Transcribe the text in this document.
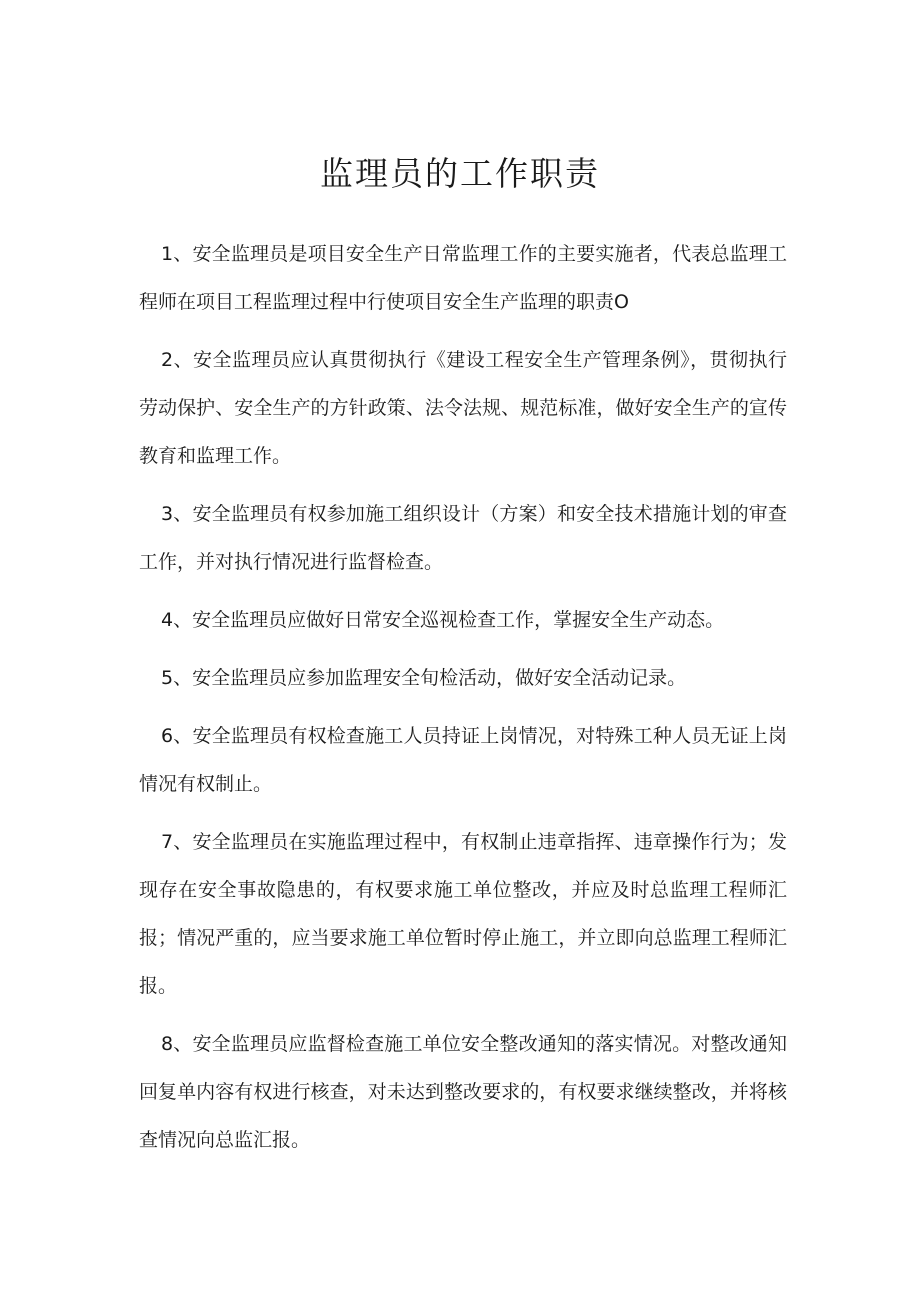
监理员的工作职责

1、安全监理员是项目安全生产日常监理工作的主要实施者，代表总监理工程师在项目工程监理过程中行使项目安全生产监理的职责O

2、安全监理员应认真贯彻执行《建设工程安全生产管理条例》，贯彻执行劳动保护、安全生产的方针政策、法令法规、规范标准，做好安全生产的宣传教育和监理工作。

3、安全监理员有权参加施工组织设计（方案）和安全技术措施计划的审查工作，并对执行情况进行监督检查。

4、安全监理员应做好日常安全巡视检查工作，掌握安全生产动态。

5、安全监理员应参加监理安全旬检活动，做好安全活动记录。

6、安全监理员有权检查施工人员持证上岗情况，对特殊工种人员无证上岗情况有权制止。

7、安全监理员在实施监理过程中，有权制止违章指挥、违章操作行为；发现存在安全事故隐患的，有权要求施工单位整改，并应及时总监理工程师汇报；情况严重的，应当要求施工单位暂时停止施工，并立即向总监理工程师汇报。

8、安全监理员应监督检查施工单位安全整改通知的落实情况。对整改通知回复单内容有权进行核查，对未达到整改要求的，有权要求继续整改，并将核查情况向总监汇报。
